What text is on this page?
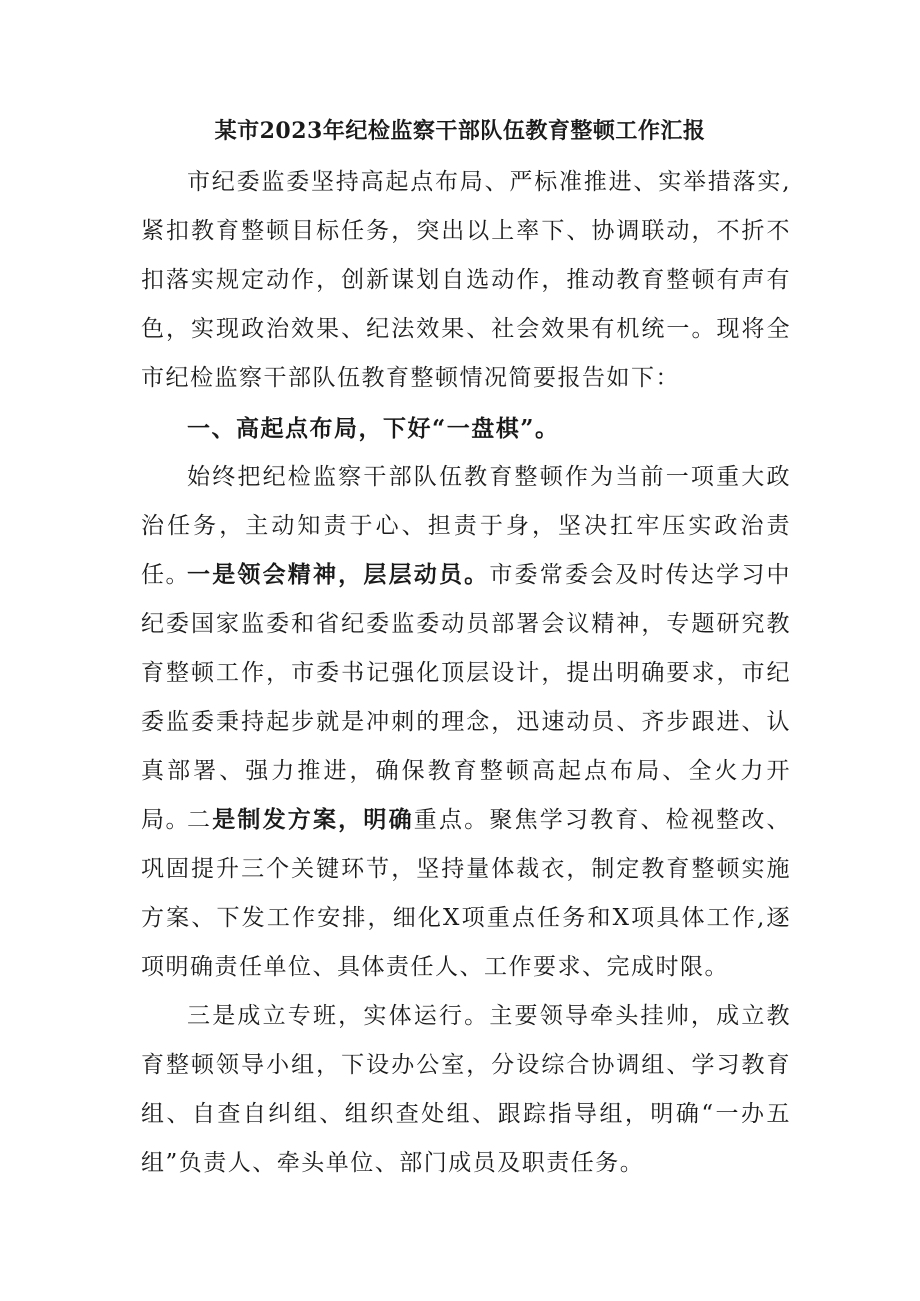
某市2023年纪检监察干部队伍教育整顿工作汇报

市纪委监委坚持高起点布局、严标准推进、实举措落实,紧扣教育整顿目标任务，突出以上率下、协调联动，不折不扣落实规定动作，创新谋划自选动作，推动教育整顿有声有色，实现政治效果、纪法效果、社会效果有机统一。现将全市纪检监察干部队伍教育整顿情况简要报告如下：

一、高起点布局，下好“一盘棋”。

始终把纪检监察干部队伍教育整顿作为当前一项重大政治任务，主动知责于心、担责于身，坚决扛牢压实政治责任。

一是领会精神，层层动员。市委常委会及时传达学习中纪委国家监委和省纪委监委动员部署会议精神，专题研究教育整顿工作，市委书记强化顶层设计，提出明确要求，市纪委监委秉持起步就是冲刺的理念，迅速动员、齐步跟进、认真部署、强力推进，确保教育整顿高起点布局、全火力开局。

二是制发方案，明确重点。聚焦学习教育、检视整改、巩固提升三个关键环节，坚持量体裁衣，制定教育整顿实施方案、下发工作安排，细化X项重点任务和X项具体工作,逐项明确责任单位、具体责任人、工作要求、完成时限。

三是成立专班，实体运行。主要领导牵头挂帅，成立教育整顿领导小组，下设办公室，分设综合协调组、学习教育组、自查自纠组、组织查处组、跟踪指导组，明确“一办五组”负责人、牵头单位、部门成员及职责任务。
